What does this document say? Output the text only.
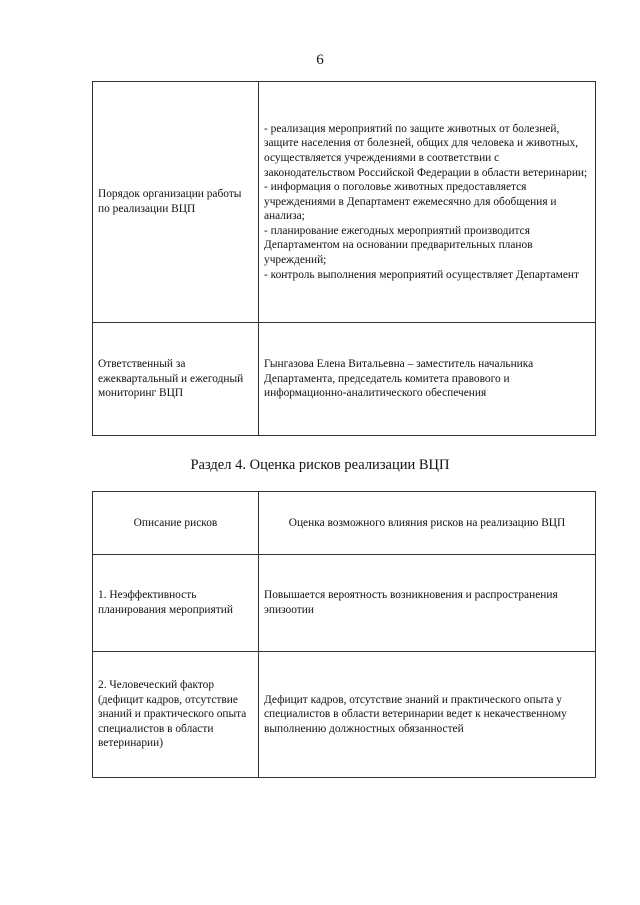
6
Порядок организации работы по реализации ВЦП	- реализация мероприятий по защите животных от болезней, защите населения от болезней, общих для человека и животных, осуществляется учреждениями в соответствии с законодательством Российской Федерации в области ветеринарии;
- информация о поголовье животных предоставляется учреждениями в Департамент ежемесячно для обобщения и анализа;
- планирование ежегодных мероприятий производится Департаментом на основании предварительных планов учреждений;
- контроль выполнения мероприятий осуществляет Департамент

Ответственный за ежеквартальный и ежегодный мониторинг ВЦП	Гынгазова Елена Витальевна – заместитель начальника Департамента, председатель комитета правового и информационно-аналитического обеспечения
Раздел 4. Оценка рисков реализации ВЦП
Описание рисков	Оценка возможного влияния рисков на реализацию ВЦП
1. Неэффективность планирования мероприятий	Повышается вероятность возникновения и распространения эпизоотии
2. Человеческий фактор (дефицит кадров, отсутствие знаний и практического опыта специалистов в области ветеринарии)	Дефицит кадров, отсутствие знаний и практического опыта у специалистов в области ветеринарии ведет к некачественному выполнению должностных обязанностей
